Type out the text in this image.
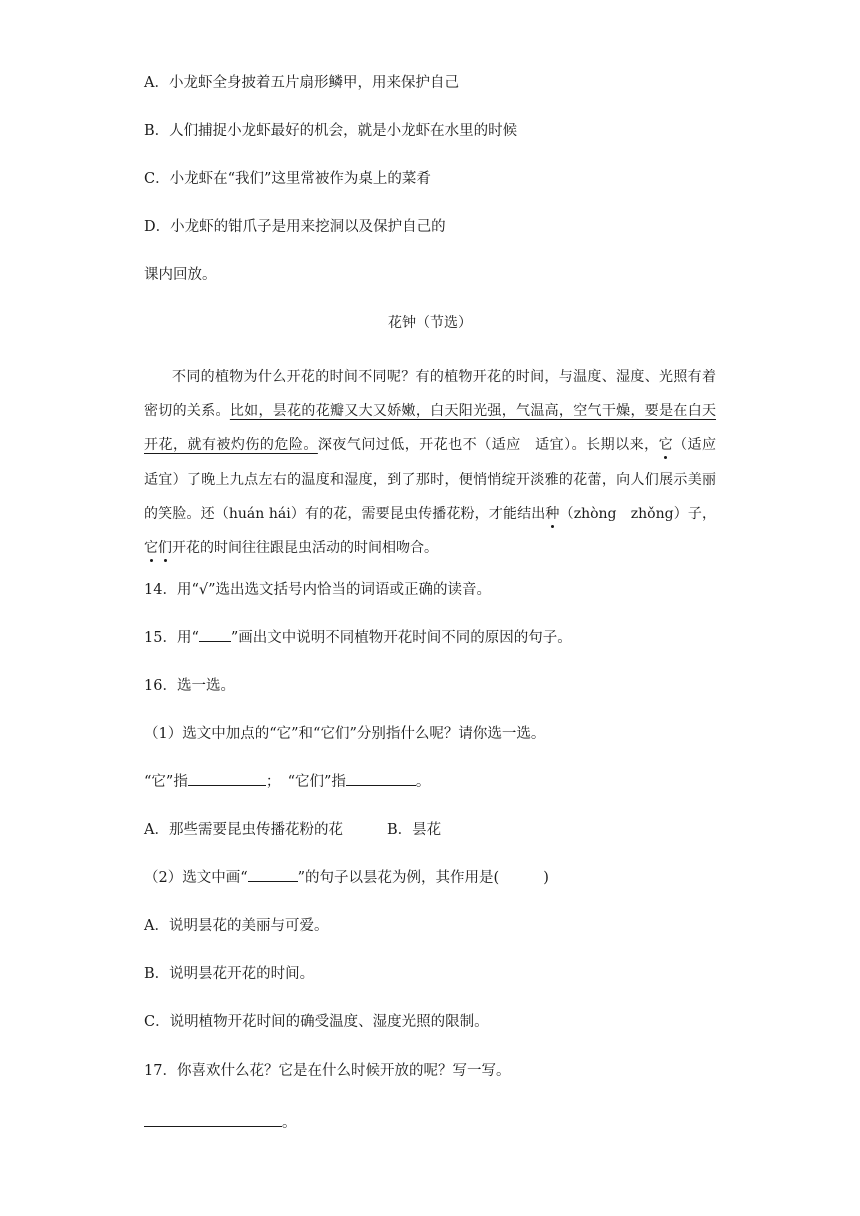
A．小龙虾全身披着五片扇形鳞甲，用来保护自己
B．人们捕捉小龙虾最好的机会，就是小龙虾在水里的时候
C．小龙虾在“我们”这里常被作为桌上的菜肴
D．小龙虾的钳爪子是用来挖洞以及保护自己的
课内回放。
花钟（节选）

不同的植物为什么开花的时间不同呢？有的植物开花的时间，与温度、湿度、光照有着密切的关系。比如，昙花的花瓣又大又娇嫩，白天阳光强，气温高，空气干燥，要是在白天开花，就有被灼伤的危险。深夜气问过低，开花也不（适应　适宜）。长期以来，它（适应　适宜）了晚上九点左右的温度和湿度，到了那时，便悄悄绽开淡雅的花蕾，向人们展示美丽的笑脸。还（huán hái）有的花，需要昆虫传播花粉，才能结出种（zhòng　zhǒng）子，它们开花的时间往往跟昆虫活动的时间相吻合。

14．用“√”选出选文括号内恰当的词语或正确的读音。
15．用“ ”画出文中说明不同植物开花时间不同的原因的句子。
16．选一选。
（1）选文中加点的“它”和“它们”分别指什么呢？请你选一选。
“它”指	；　“它们”指	。
A．那些需要昆虫传播花粉的花	B．昙花
（2）选文中画“	”的句子以昙花为例，其作用是(	)
A．说明昙花的美丽与可爱。
B．说明昙花开花的时间。
C．说明植物开花时间的确受温度、湿度光照的限制。
17．你喜欢什么花？它是在什么时候开放的呢？写一写。
。
